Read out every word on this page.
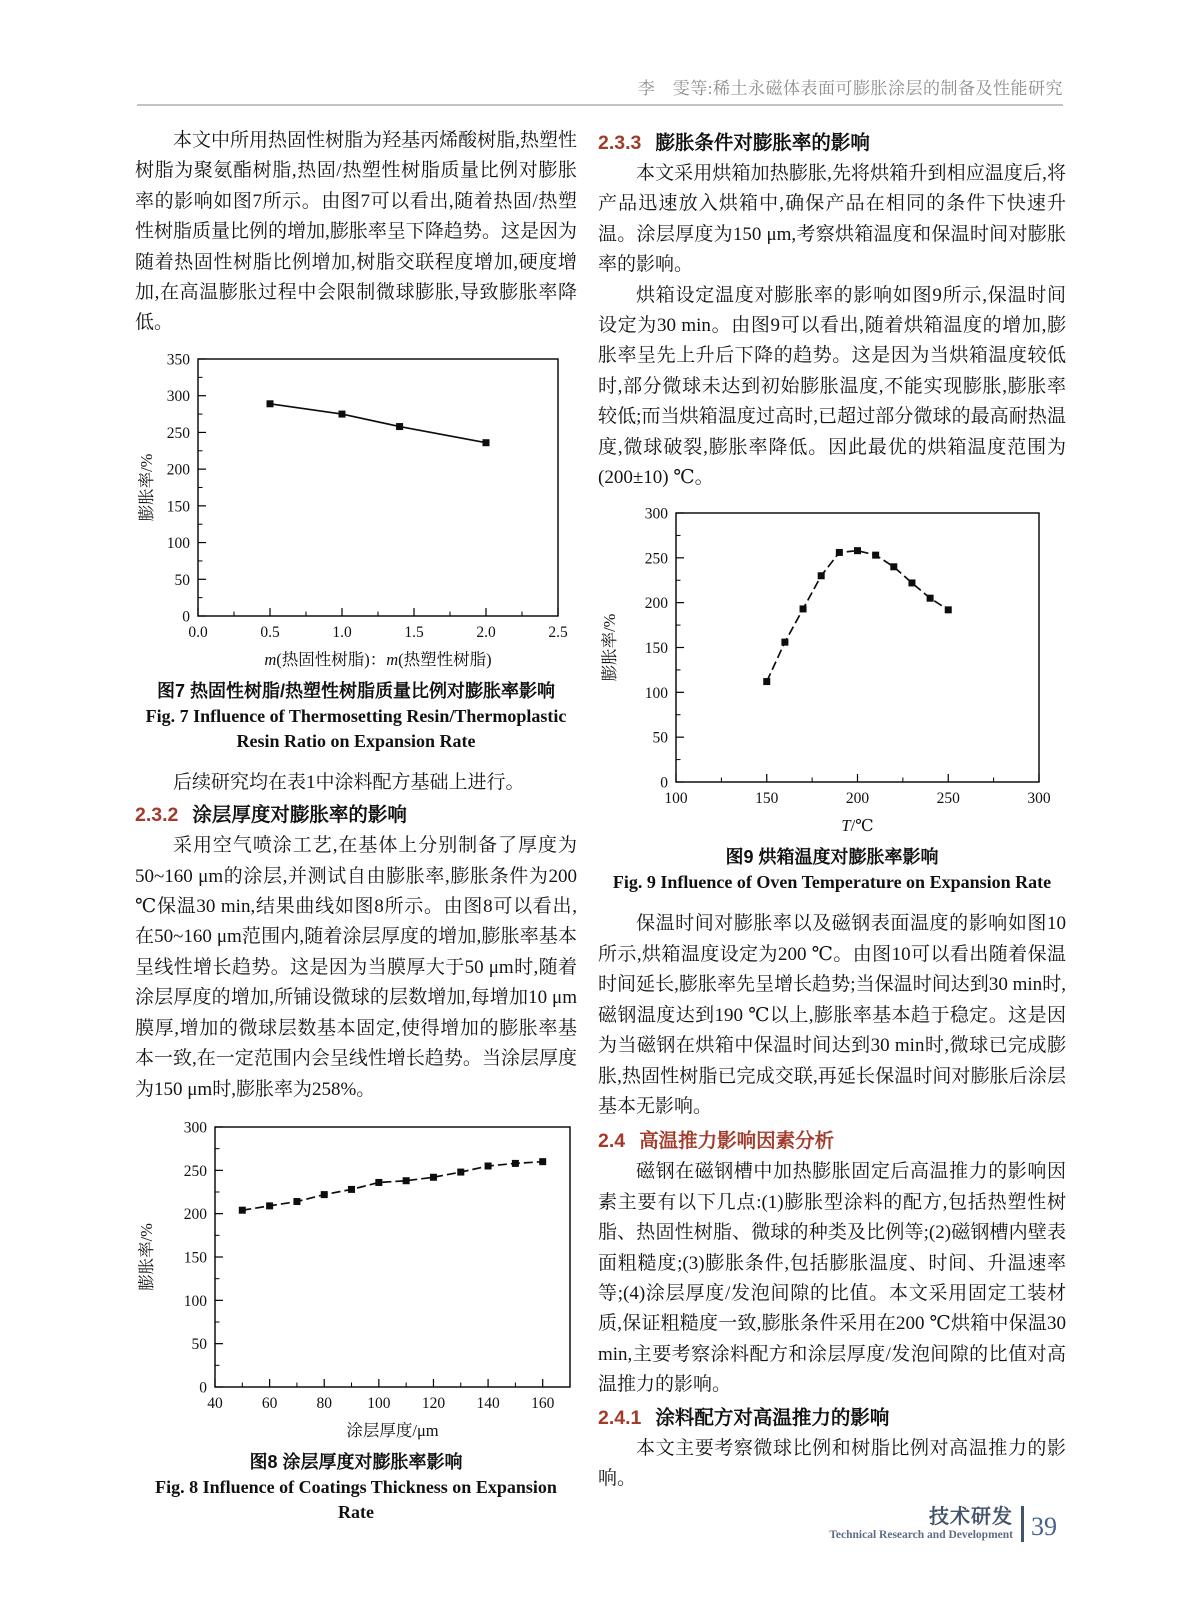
李　雯等:稀土永磁体表面可膨胀涂层的制备及性能研究

本文中所用热固性树脂为羟基丙烯酸树脂,热塑性树脂为聚氨酯树脂,热固/热塑性树脂质量比例对膨胀率的影响如图7所示。由图7可以看出,随着热固/热塑性树脂质量比例的增加,膨胀率呈下降趋势。这是因为随着热固性树脂比例增加,树脂交联程度增加,硬度增加,在高温膨胀过程中会限制微球膨胀,导致膨胀率降低。

0.0	0.5	1.0	1.5	2.0	2.5
0
50
100
150
200
250
300
350
膨胀率/%
m(热固性树脂)：m(热塑性树脂)
图7 热固性树脂/热塑性树脂质量比例对膨胀率影响
Fig. 7 Influence of Thermosetting Resin/Thermoplastic
Resin Ratio on Expansion Rate

后续研究均在表1中涂料配方基础上进行。

2.3.2 涂层厚度对膨胀率的影响

采用空气喷涂工艺,在基体上分别制备了厚度为50~160 μm的涂层,并测试自由膨胀率,膨胀条件为200 ℃保温30 min,结果曲线如图8所示。由图8可以看出,在50~160 μm范围内,随着涂层厚度的增加,膨胀率基本呈线性增长趋势。这是因为当膜厚大于50 μm时,随着涂层厚度的增加,所铺设微球的层数增加,每增加10 μm膜厚,增加的微球层数基本固定,使得增加的膨胀率基本一致,在一定范围内会呈线性增长趋势。当涂层厚度为150 μm时,膨胀率为258%。

40	60	80 100 120 140 160
0
50
100
150
200
250
300
膨胀率/%
涂层厚度/μm
图8 涂层厚度对膨胀率影响
Fig. 8 Influence of Coatings Thickness on Expansion Rate
2.3.3 膨胀条件对膨胀率的影响

本文采用烘箱加热膨胀,先将烘箱升到相应温度后,将产品迅速放入烘箱中,确保产品在相同的条件下快速升温。涂层厚度为150 μm,考察烘箱温度和保温时间对膨胀率的影响。

烘箱设定温度对膨胀率的影响如图9所示,保温时间设定为30 min。由图9可以看出,随着烘箱温度的增加,膨胀率呈先上升后下降的趋势。这是因为当烘箱温度较低时,部分微球未达到初始膨胀温度,不能实现膨胀,膨胀率较低;而当烘箱温度过高时,已超过部分微球的最高耐热温度,微球破裂,膨胀率降低。因此最优的烘箱温度范围为(200±10) ℃。

100	150	200	250	300
0
50
100
150
200
250
300
膨胀率/%
T/℃
图9 烘箱温度对膨胀率影响
Fig. 9 Influence of Oven Temperature on Expansion Rate

保温时间对膨胀率以及磁钢表面温度的影响如图10所示,烘箱温度设定为200 ℃。由图10可以看出随着保温时间延长,膨胀率先呈增长趋势;当保温时间达到30 min时,磁钢温度达到190 ℃以上,膨胀率基本趋于稳定。这是因为当磁钢在烘箱中保温时间达到30 min时,微球已完成膨胀,热固性树脂已完成交联,再延长保温时间对膨胀后涂层基本无影响。

2.4 高温推力影响因素分析

磁钢在磁钢槽中加热膨胀固定后高温推力的影响因素主要有以下几点:(1)膨胀型涂料的配方,包括热塑性树脂、热固性树脂、微球的种类及比例等;(2)磁钢槽内壁表面粗糙度;(3)膨胀条件,包括膨胀温度、时间、升温速率等;(4)涂层厚度/发泡间隙的比值。本文采用固定工装材质,保证粗糙度一致,膨胀条件采用在200 ℃烘箱中保温30 min,主要考察涂料配方和涂层厚度/发泡间隙的比值对高温推力的影响。

2.4.1 涂料配方对高温推力的影响

本文主要考察微球比例和树脂比例对高温推力的影响。

技术研发
Technical Research and Development 39
